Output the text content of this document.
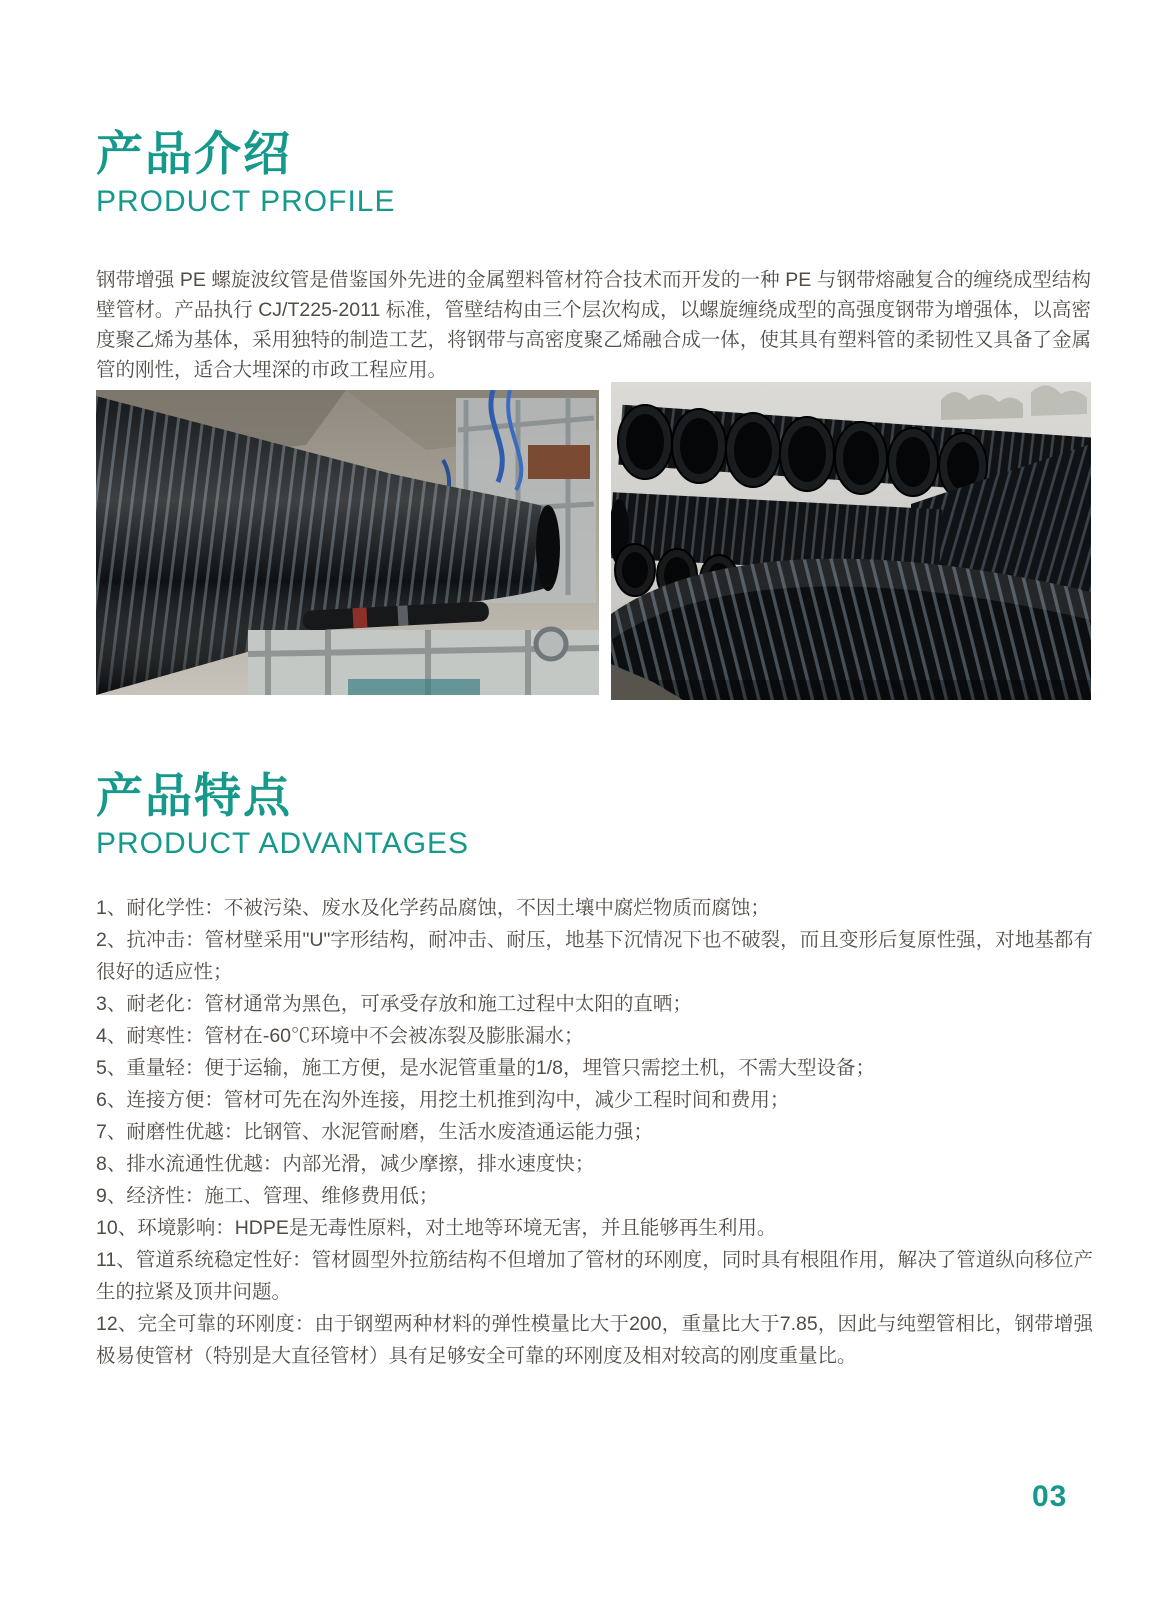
产品介绍
PRODUCT PROFILE

钢带增强 PE 螺旋波纹管是借鉴国外先进的金属塑料管材符合技术而开发的一种 PE 与钢带熔融复合的缠绕成型结构壁管材。产品执行 CJ/T225-2011 标准，管壁结构由三个层次构成，以螺旋缠绕成型的高强度钢带为增强体，以高密度聚乙烯为基体，采用独特的制造工艺，将钢带与高密度聚乙烯融合成一体，使其具有塑料管的柔韧性又具备了金属管的刚性，适合大埋深的市政工程应用。

产品特点
PRODUCT ADVANTAGES
1、耐化学性：不被污染、废水及化学药品腐蚀，不因土壤中腐烂物质而腐蚀；
2、抗冲击：管材壁采用"U"字形结构，耐冲击、耐压，地基下沉情况下也不破裂，而且变形后复原性强，对地基都有很好的适应性；
3、耐老化：管材通常为黑色，可承受存放和施工过程中太阳的直晒；
4、耐寒性：管材在-60℃环境中不会被冻裂及膨胀漏水；
5、重量轻：便于运输，施工方便，是水泥管重量的1/8，埋管只需挖土机，不需大型设备；
6、连接方便：管材可先在沟外连接，用挖土机推到沟中，减少工程时间和费用；
7、耐磨性优越：比钢管、水泥管耐磨，生活水废渣通运能力强；
8、排水流通性优越：内部光滑，减少摩擦，排水速度快；
9、经济性：施工、管理、维修费用低；
10、环境影响：HDPE是无毒性原料，对土地等环境无害，并且能够再生利用。
11、管道系统稳定性好：管材圆型外拉筋结构不但增加了管材的环刚度，同时具有根阻作用，解决了管道纵向移位产生的拉紧及顶井问题。
12、完全可靠的环刚度：由于钢塑两种材料的弹性模量比大于200，重量比大于7.85，因此与纯塑管相比，钢带增强极易使管材（特别是大直径管材）具有足够安全可靠的环刚度及相对较高的刚度重量比。
03
